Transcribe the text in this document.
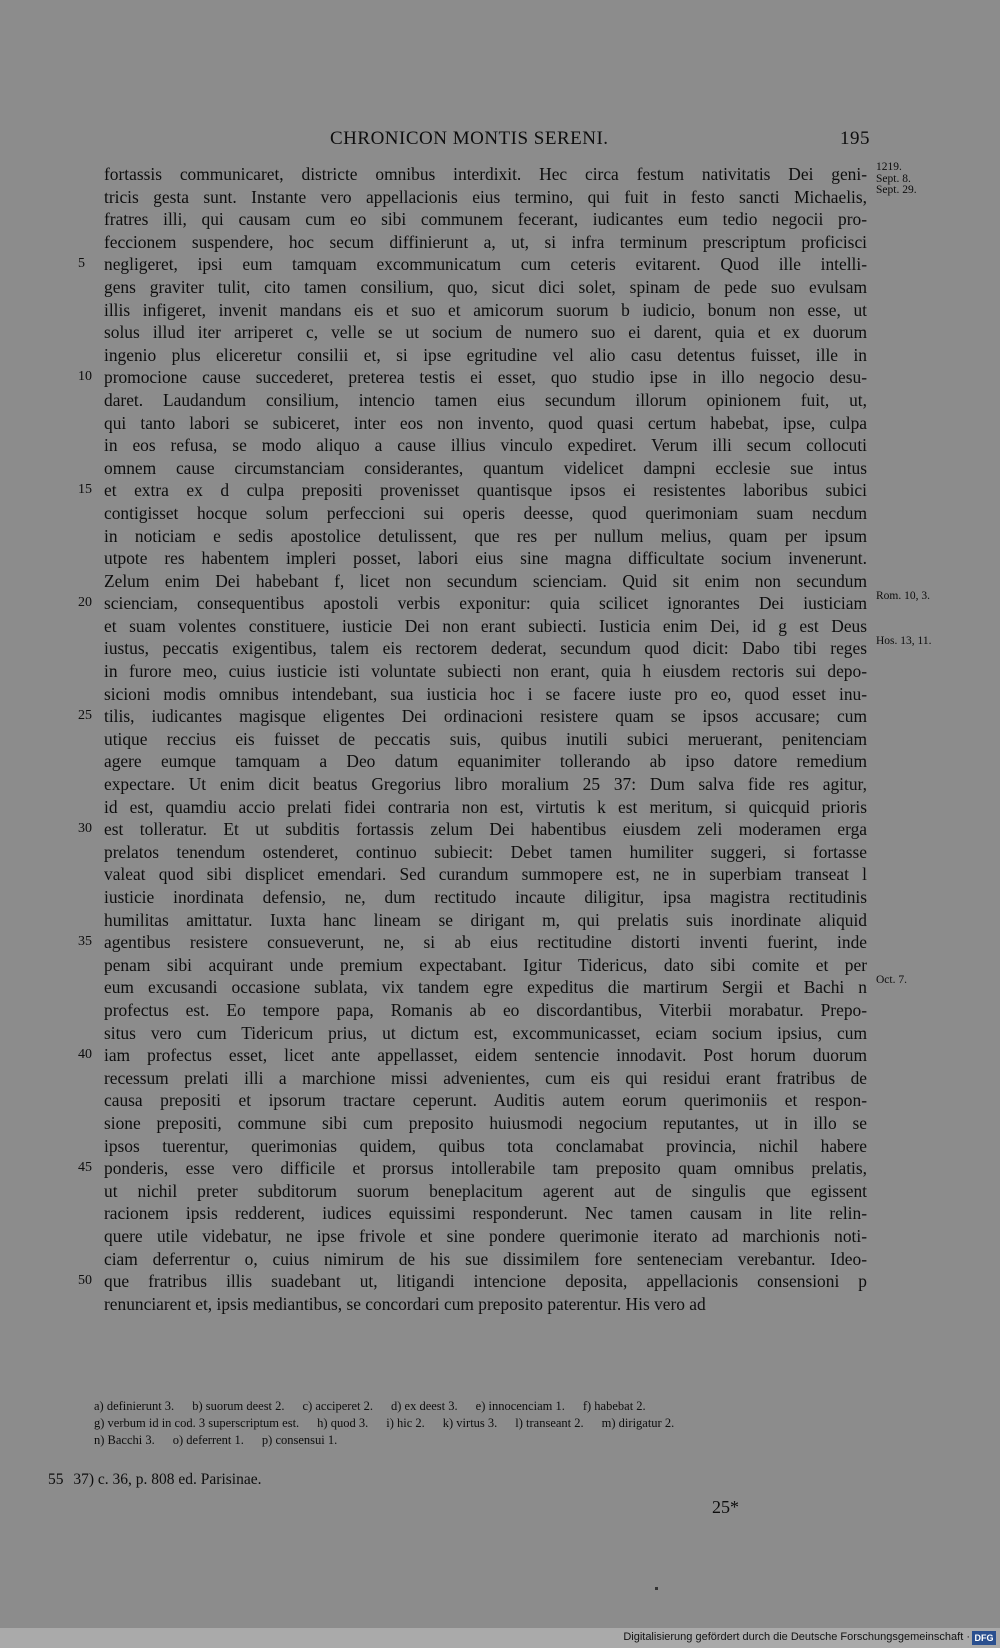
CHRONICON MONTIS SERENI.	195
fortassis communicaret, districte omnibus interdixit. Hec circa festum nativitatis Dei geni- 1219.
Sept. 8.
tricis gesta sunt. Instante vero appellacionis eius termino, qui fuit in festo sancti Michaelis, Sept. 29.
fratres illi, qui causam cum eo sibi communem fecerant, iudicantes eum tedio negocii pro-
feccionem suspendere, hoc secum diffinierunt a, ut, si infra terminum prescriptum proficisci
5 negligeret, ipsi eum tamquam excommunicatum cum ceteris evitarent. Quod ille intelli-
gens graviter tulit, cito tamen consilium, quo, sicut dici solet, spinam de pede suo evulsam
illis infigeret, invenit mandans eis et suo et amicorum suorum b iudicio, bonum non esse, ut
solus illud iter arriperet c, velle se ut socium de numero suo ei darent, quia et ex duorum
ingenio plus eliceretur consilii et, si ipse egritudine vel alio casu detentus fuisset, ille in
10 promocione cause succederet, preterea testis ei esset, quo studio ipse in illo negocio desu-
daret. Laudandum consilium, intencio tamen eius secundum illorum opinionem fuit, ut,
qui tanto labori se subiceret, inter eos non invento, quod quasi certum habebat, ipse, culpa
in eos refusa, se modo aliquo a cause illius vinculo expediret. Verum illi secum collocuti
omnem cause circumstanciam considerantes, quantum videlicet dampni ecclesie sue intus
15 et extra ex d culpa prepositi provenisset quantisque ipsos ei resistentes laboribus subici
contigisset hocque solum perfeccioni sui operis deesse, quod querimoniam suam necdum
in noticiam e sedis apostolice detulissent, que res per nullum melius, quam per ipsum
utpote res habentem impleri posset, labori eius sine magna difficultate socium invenerunt.
Zelum enim Dei habebant f, licet non secundum scienciam. Quid sit enim non secundum
20 scienciam, consequentibus apostoli verbis exponitur: quia scilicet ignorantes Dei iusticiam Rom. 10, 3.
et suam volentes constituere, iusticie Dei non erant subiecti. Iusticia enim Dei, id g est Deus
iustus, peccatis exigentibus, talem eis rectorem dederat, secundum quod dicit: Dabo tibi reges Hos. 13, 11.
in furore meo, cuius iusticie isti voluntate subiecti non erant, quia h eiusdem rectoris sui depo-
sicioni modis omnibus intendebant, sua iusticia hoc i se facere iuste pro eo, quod esset inu-
25 tilis, iudicantes magisque eligentes Dei ordinacioni resistere quam se ipsos accusare; cum
utique reccius eis fuisset de peccatis suis, quibus inutili subici meruerant, penitenciam
agere eumque tamquam a Deo datum equanimiter tollerando ab ipso datore remedium
expectare. Ut enim dicit beatus Gregorius libro moralium 25 37: Dum salva fide res agitur,
id est, quamdiu accio prelati fidei contraria non est, virtutis k est meritum, si quicquid prioris
30 est tolleratur. Et ut subditis fortassis zelum Dei habentibus eiusdem zeli moderamen erga
prelatos tenendum ostenderet, continuo subiecit: Debet tamen humiliter suggeri, si fortasse
valeat quod sibi displicet emendari. Sed curandum summopere est, ne in superbiam transeat l
iusticie inordinata defensio, ne, dum rectitudo incaute diligitur, ipsa magistra rectitudinis
humilitas amittatur. Iuxta hanc lineam se dirigant m, qui prelatis suis inordinate aliquid
35 agentibus resistere consueverunt, ne, si ab eius rectitudine distorti inventi fuerint, inde
penam sibi acquirant unde premium expectabant. Igitur Tidericus, dato sibi comite et per
eum excusandi occasione sublata, vix tandem egre expeditus die martirum Sergii et Bachi n Oct. 7.
profectus est. Eo tempore papa, Romanis ab eo discordantibus, Viterbii morabatur. Prepo-
situs vero cum Tidericum prius, ut dictum est, excommunicasset, eciam socium ipsius, cum
40 iam profectus esset, licet ante appellasset, eidem sentencie innodavit. Post horum duorum
recessum prelati illi a marchione missi advenientes, cum eis qui residui erant fratribus de
causa prepositi et ipsorum tractare ceperunt. Auditis autem eorum querimoniis et respon-
sione prepositi, commune sibi cum preposito huiusmodi negocium reputantes, ut in illo se
ipsos tuerentur, querimonias quidem, quibus tota conclamabat provincia, nichil habere
45 ponderis, esse vero difficile et prorsus intollerabile tam preposito quam omnibus prelatis,
ut nichil preter subditorum suorum beneplacitum agerent aut de singulis que egissent
racionem ipsis redderent, iudices equissimi responderunt. Nec tamen causam in lite relin-
quere utile videbatur, ne ipse frivole et sine pondere querimonie iterato ad marchionis noti-
ciam deferrentur o, cuius nimirum de his sue dissimilem fore senteneciam verebantur. Ideo-
50 que fratribus illis suadebant ut, litigandi intencione deposita, appellacionis consensioni p
renunciarent et, ipsis mediantibus, se concordari cum preposito paterentur. His vero ad
a) definierunt 3. b) suorum deest 2. c) acciperet 2. d) ex deest 3. e) innocenciam 1. f) habebat 2.
g) verbum id in cod. 3 superscriptum est. h) quod 3. i) hic 2. k) virtus 3. l) transeant 2. m) dirigatur 2.
n) Bacchi 3. o) deferrent 1. p) consensui 1.
55 37) c. 36, p. 808 ed. Parisinae.
25*
Digitalisierung gefördert durch die Deutsche Forschungsgemeinschaft · DFG
